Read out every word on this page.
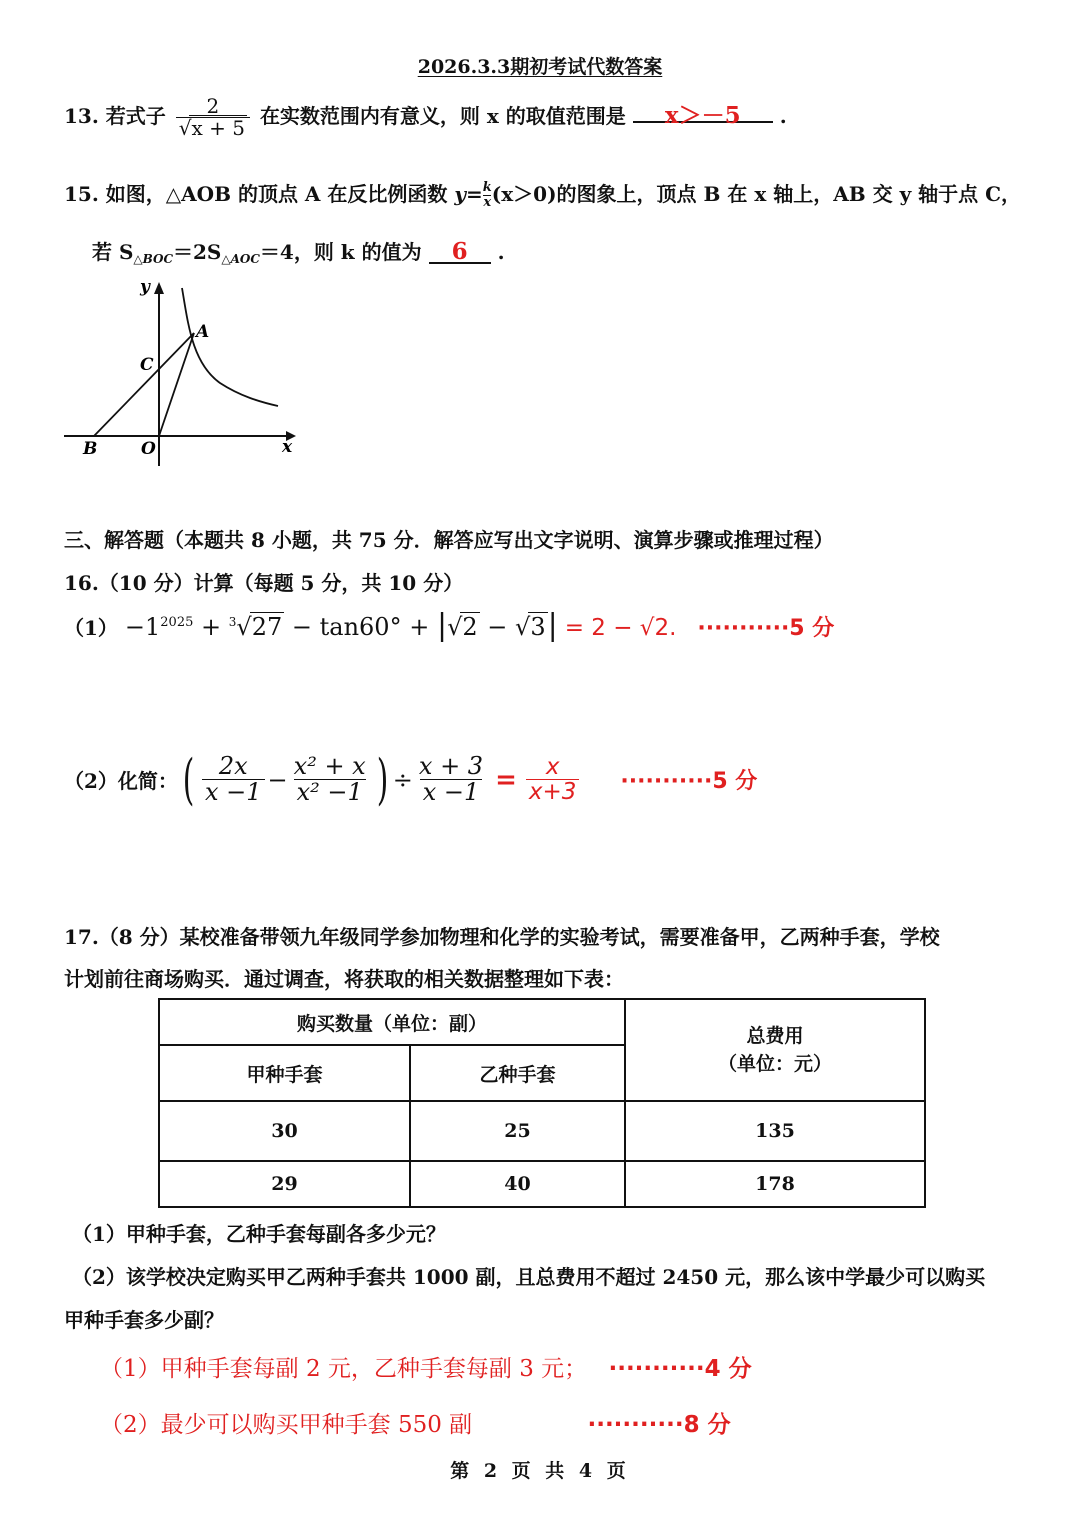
2026.3.3期初考试代数答案
13. 若式子 $\frac{2}{√x + 5}$ 在实数范围内有意义，则 x 的取值范围是 x＞－5 .
15. 如图，△AOB 的顶点 A 在反比例函数 $y= \frac{k}{x} (x>0)$的图象上，顶点 B 在 x 轴上，AB 交 y 轴于点 C，
若 $S_{\triangle BOC}=2S_{\triangle AOC}=4$，则 k 的值为 6 .
y
x
A
B
C
O
三、解答题（本题共 8 小题，共 75 分．解答应写出文字说明、演算步骤或推理过程）
16.（10 分）计算（每题 5 分，共 10 分）
$(1) -1^{2025} + ^3√27 - \tan 60^\circ + |√2 - √3| = 2 - √2$. ···········5 分
（2）化简： ( $\frac{2x}{x -1} - \frac{\text{x² + x}}{\text{x² −1}}$ ) ÷ $\frac{x + 3}{x -1} = \frac{x}{x+3} \cdot\cdot\cdot\cdot\cdot\cdot\cdot\cdot\cdot\cdot\cdot 5$ 分
17.（8 分）某校准备带领九年级同学参加物理和化学的实验考试，需要准备甲，乙两种手套，学校
计划前往商场购买．通过调查，将获取的相关数据整理如下表：
购买数量（单位：副）		总费用
（单位：元）

甲种手套	乙种手套	
30	25	135
29	40	178
（1）甲种手套，乙种手套每副各多少元？
（2）该学校决定购买甲乙两种手套共 1000 副，且总费用不超过 2450 元，那么该中学最少可以购买
甲种手套多少副？
（1）甲种手套每副 2 元，乙种手套每副 3 元； ···········4 分
（2）最少可以购买甲种手套 550 副	···········8 分
第 2 页 共 4 页
